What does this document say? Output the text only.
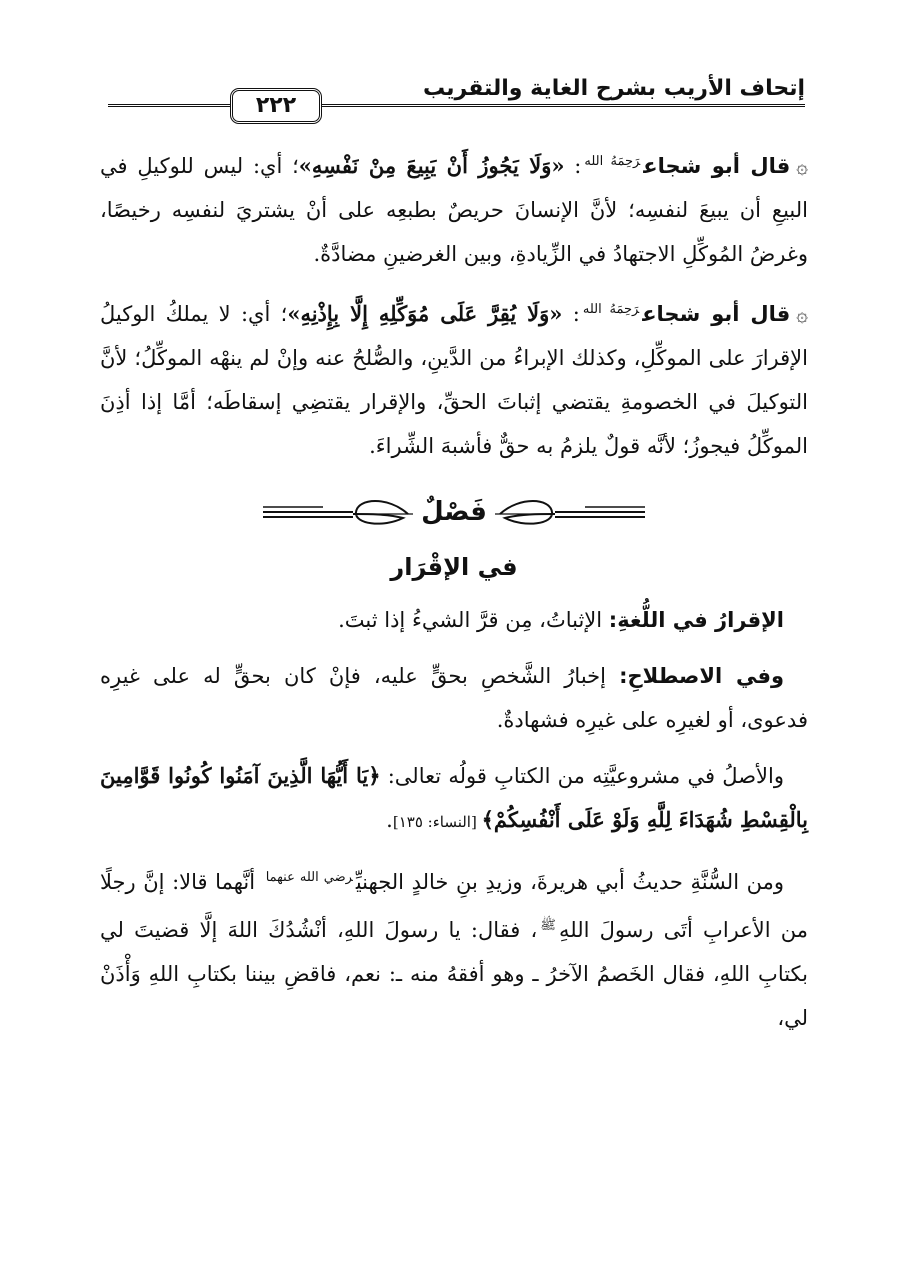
إتحاف الأريب بشرح الغاية والتقريب
٢٢٢

۞قال أبو شجاع$^{رَحِمَهُ الله}$: «وَلَا يَجُوزُ أَنْ يَبِيعَ مِنْ نَفْسِهِ»؛ أي: ليس للوكيلِ في البيعِ أن يبيعَ لنفسِه؛ لأنَّ الإنسانَ حريصٌ بطبعِه على أنْ يشتريَ لنفسِه رخيصًا، وغرضُ المُوكِّلِ الاجتهادُ في الزِّيادةِ، وبين الغرضينِ مضادَّةٌ.

۞قال أبو شجاع$^{رَحِمَهُ الله}$: «وَلَا يُقِرَّ عَلَى مُوَكِّلِهِ إِلَّا بِإِذْنِهِ»؛ أي: لا يملكُ الوكيلُ الإقرارَ على الموكِّلِ، وكذلك الإبراءُ من الدَّينِ، والصُّلحُ عنه وإنْ لم ينهْه الموكِّلُ؛ لأنَّ التوكيلَ في الخصومةِ يقتضي إثباتَ الحقِّ، والإقرار يقتضِي إسقاطَه؛ أمَّا إذا أذِنَ الموكِّلُ فيجوزُ؛ لأنَّه قولٌ يلزمُ به حقٌّ فأشبهَ الشِّراءَ.

فَصْلٌ
في الإقْرَار

الإقرارُ في اللُّغةِ: الإثباتُ، مِن قرَّ الشيءُ إذا ثبتَ.

وفي الاصطلاحِ: إخبارُ الشَّخصِ بحقٍّ عليه، فإنْ كان بحقٍّ له على غيرِه فدعوى، أو لغيرِه على غيرِه فشهادةٌ.

والأصلُ في مشروعيَّتِه من الكتابِ قولُه تعالى: ﴿يَا أَيُّهَا الَّذِينَ آمَنُوا كُونُوا قَوَّامِينَ بِالْقِسْطِ شُهَدَاءَ لِلَّهِ وَلَوْ عَلَى أَنْفُسِكُمْ﴾ [النساء: ١٣٥].

ومن السُّنَّةِ حديثُ أبي هريرةَ، وزيدِ بنِ خالدٍ الجهنيِّ$^{رضي الله عنهما}$ أنَّهما قالا: إنَّ رجلًا من الأعرابِ أتَى رسولَ اللهِ$^ﷺ$، فقال: يا رسولَ اللهِ، أنْشُدُكَ اللهَ إلَّا قضيتَ لي بكتابِ اللهِ، فقال الخَصمُ الآخرُ ـ وهو أفقهُ منه ـ: نعم، فاقضِ بيننا بكتابِ اللهِ وَأْذَنْ لي،
